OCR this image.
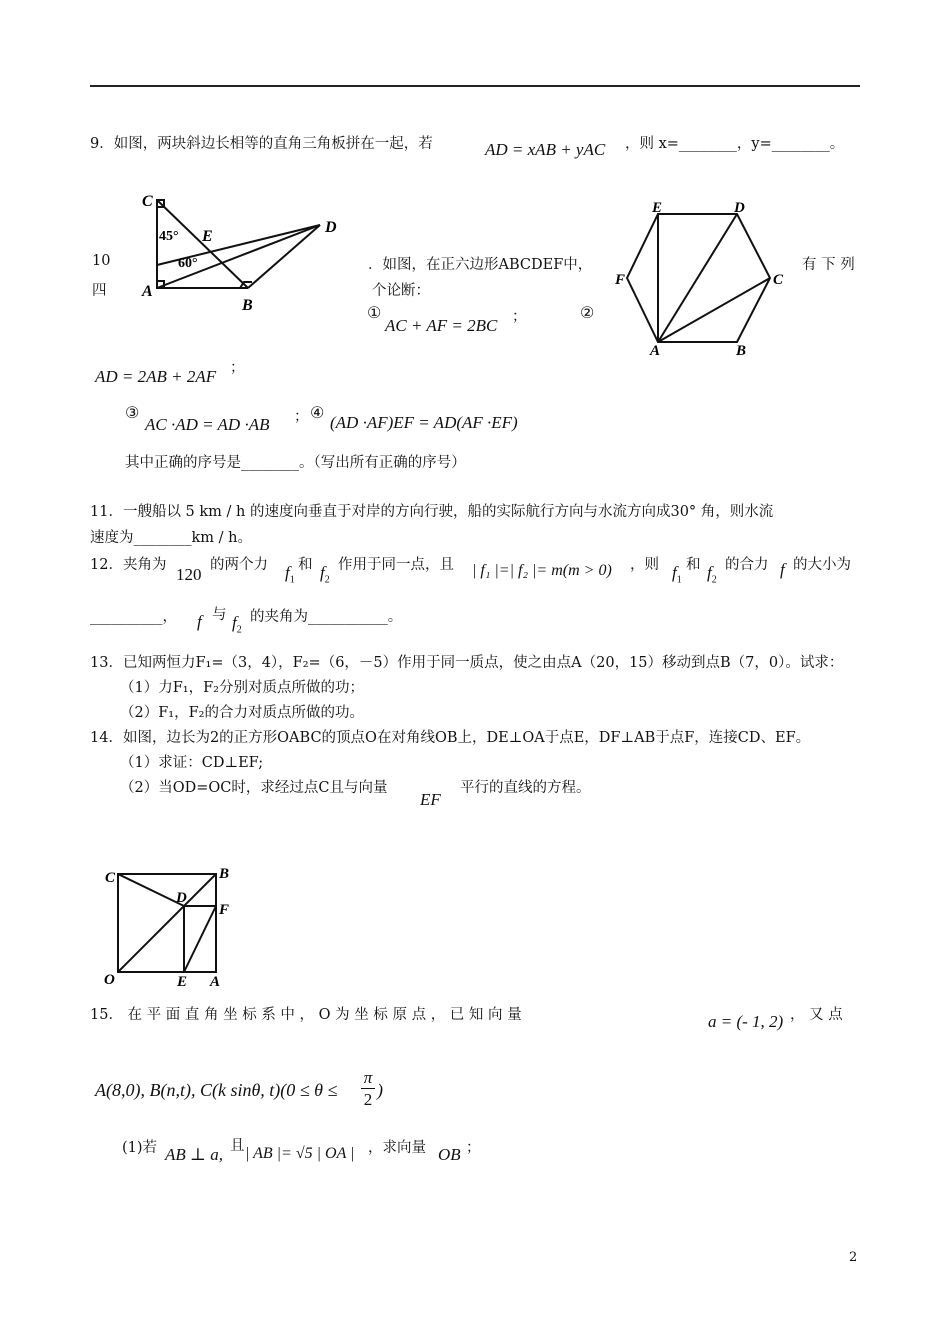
9．如图，两块斜边长相等的直角三角板拼在一起，若	AD = xAB + yAC ，则 x=________，y=________。
C
E
D
A
B
45°
60°
10
四
．如图，在正六边形ABCDEF中，
个论断：
有 下 列
①
AC + AF = 2BC ；	②
E	D
F	C
A	B
AD = 2AB + 2AF ；
③
AC ·AD = AD ·AB ； ④
(AD ·AF)EF = AD(AF ·EF)
其中正确的序号是________。（写出所有正确的序号）
11．一艘船以 5 km / h 的速度向垂直于对岸的方向行驶，船的实际航行方向与水流方向成30° 角，则水流
速度为________km / h。
12．夹角为 120 的两个力 $f_1$
和 $f_2$
作用于同一点，且 | f₁ |=| f₂ |= m(m > 0) ，则 $f_1$
和 $f_2$
的合力 f 的大小为
__________， f 与 $f_2$
的夹角为___________。
13．已知两恒力F₁=（3，4），F₂=（6，－5）作用于同一质点，使之由点A（20，15）移动到点B（7，0）。试求：
（1）力F₁，F₂分别对质点所做的功；
（2）F₁，F₂的合力对质点所做的功。
14．如图，边长为2的正方形OABC的顶点O在对角线OB上，DE⊥OA于点E，DF⊥AB于点F，连接CD、EF。
（1）求证：CD⊥EF;
（2）当OD=OC时，求经过点C且与向量
EF
平行的直线的方程。
C	B
D
F
O	E A
15． 在 平 面 直 角 坐 标 系 中 ， O 为 坐 标 原 点 ， 已 知 向 量	a = (- 1, 2) ， 又 点
A(8,0), B(n,t), C(k sinθ, t)(0 ≤ θ ≤
π
2 )
(1)若 AB ⊥ a, 且 | AB |= √5 | OA | ，求向量 OB ；
2
